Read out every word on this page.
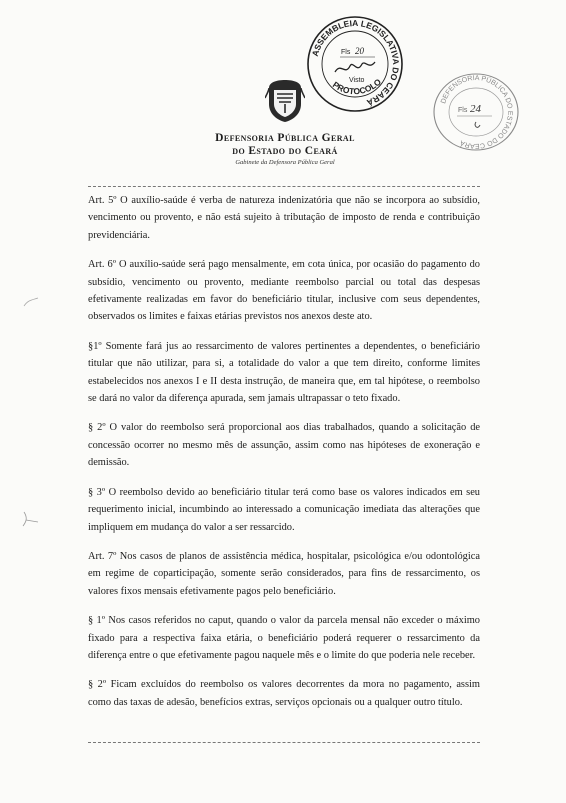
ASSEMBLEIA LEGISLATIVA DO CEARÁ
PROTOCOLO
Fls 20
Visto
DEFENSORIA PÚBLICA DO ESTADO DO CEARÁ
Fls 24
Defensoria Pública Geral
do Estado do Ceará
Gabinete da Defensora Pública Geral

Art. 5º O auxílio-saúde é verba de natureza indenizatória que não se incorpora ao subsídio, vencimento ou provento, e não está sujeito à tributação de imposto de renda e contribuição previdenciária.

Art. 6º O auxílio-saúde será pago mensalmente, em cota única, por ocasião do pagamento do subsídio, vencimento ou provento, mediante reembolso parcial ou total das despesas efetivamente realizadas em favor do beneficiário titular, inclusive com seus dependentes, observados os limites e faixas etárias previstos nos anexos deste ato.

§1º Somente fará jus ao ressarcimento de valores pertinentes a dependentes, o beneficiário titular que não utilizar, para si, a totalidade do valor a que tem direito, conforme limites estabelecidos nos anexos I e II desta instrução, de maneira que, em tal hipótese, o reembolso se dará no valor da diferença apurada, sem jamais ultrapassar o teto fixado.

§ 2º O valor do reembolso será proporcional aos dias trabalhados, quando a solicitação de concessão ocorrer no mesmo mês de assunção, assim como nas hipóteses de exoneração e demissão.

§ 3º O reembolso devido ao beneficiário titular terá como base os valores indicados em seu requerimento inicial, incumbindo ao interessado a comunicação imediata das alterações que impliquem em mudança do valor a ser ressarcido.

Art. 7º Nos casos de planos de assistência médica, hospitalar, psicológica e/ou odontológica em regime de coparticipação, somente serão considerados, para fins de ressarcimento, os valores fixos mensais efetivamente pagos pelo beneficiário.

§ 1º Nos casos referidos no caput, quando o valor da parcela mensal não exceder o máximo fixado para a respectiva faixa etária, o beneficiário poderá requerer o ressarcimento da diferença entre o que efetivamente pagou naquele mês e o limite do que poderia nele receber.

§ 2º Ficam excluídos do reembolso os valores decorrentes da mora no pagamento, assim como das taxas de adesão, benefícios extras, serviços opcionais ou a qualquer outro título.
